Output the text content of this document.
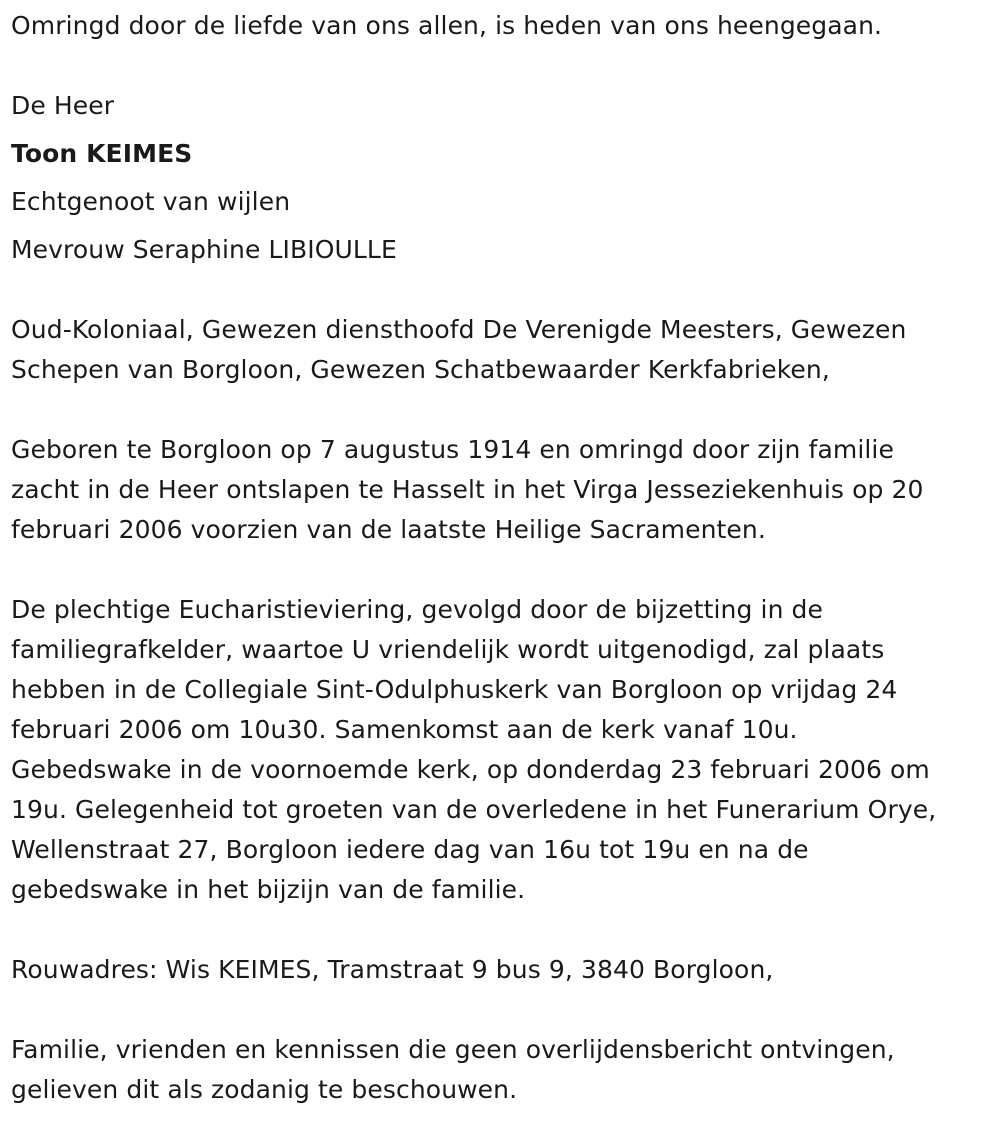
Omringd door de liefde van ons allen, is heden van ons heengegaan.
De Heer
Toon KEIMES
Echtgenoot van wijlen
Mevrouw Seraphine LIBIOULLE
Oud-Koloniaal, Gewezen diensthoofd De Verenigde Meesters, Gewezen
Schepen van Borgloon, Gewezen Schatbewaarder Kerkfabrieken,
Geboren te Borgloon op 7 augustus 1914 en omringd door zijn familie
zacht in de Heer ontslapen te Hasselt in het Virga Jesseziekenhuis op 20
februari 2006 voorzien van de laatste Heilige Sacramenten.
De plechtige Eucharistieviering, gevolgd door de bijzetting in de
familiegrafkelder, waartoe U vriendelijk wordt uitgenodigd, zal plaats
hebben in de Collegiale Sint-Odulphuskerk van Borgloon op vrijdag 24
februari 2006 om 10u30. Samenkomst aan de kerk vanaf 10u.
Gebedswake in de voornoemde kerk, op donderdag 23 februari 2006 om
19u. Gelegenheid tot groeten van de overledene in het Funerarium Orye,
Wellenstraat 27, Borgloon iedere dag van 16u tot 19u en na de
gebedswake in het bijzijn van de familie.
Rouwadres: Wis KEIMES, Tramstraat 9 bus 9, 3840 Borgloon,
Familie, vrienden en kennissen die geen overlijdensbericht ontvingen,
gelieven dit als zodanig te beschouwen.
